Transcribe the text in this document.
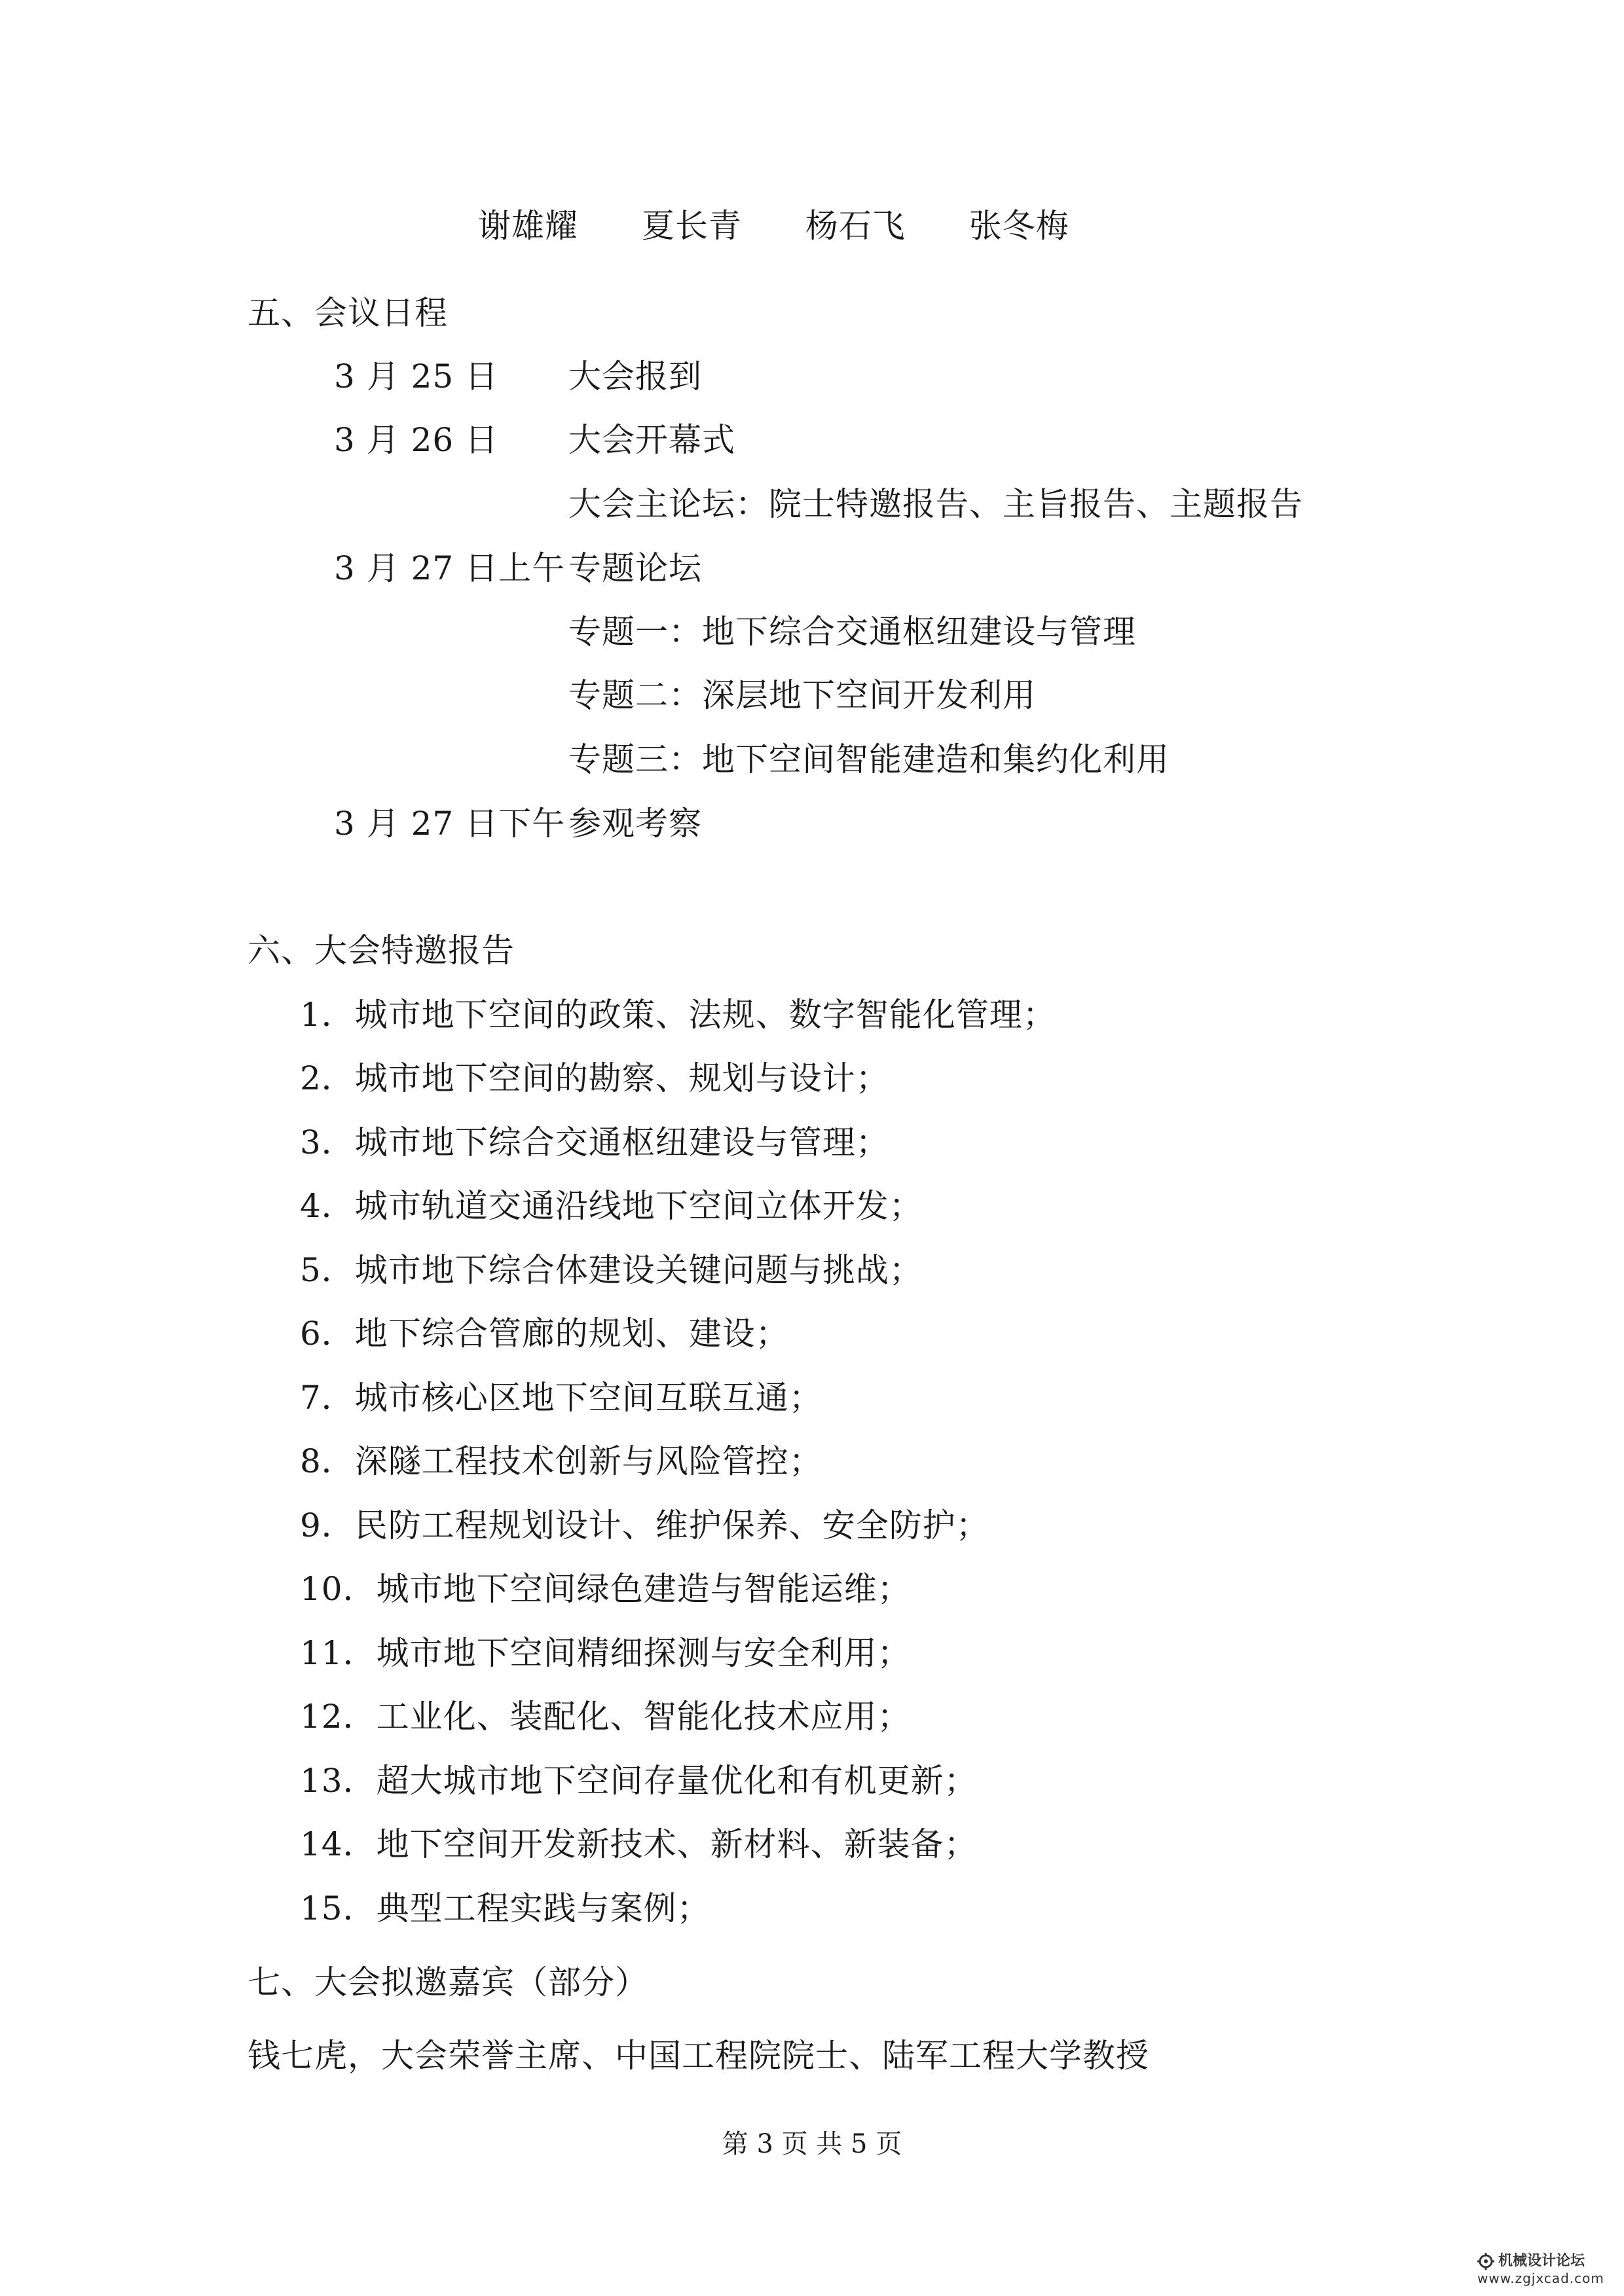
谢雄耀 夏长青 杨石飞 张冬梅
五、会议日程
3 月 25 日 大会报到
3 月 26 日 大会开幕式
大会主论坛：院士特邀报告、主旨报告、主题报告
3 月 27 日上午 专题论坛
专题一：地下综合交通枢纽建设与管理
专题二：深层地下空间开发利用
专题三：地下空间智能建造和集约化利用
3 月 27 日下午 参观考察
六、大会特邀报告
1．城市地下空间的政策、法规、数字智能化管理；
2．城市地下空间的勘察、规划与设计；
3．城市地下综合交通枢纽建设与管理；
4．城市轨道交通沿线地下空间立体开发；
5．城市地下综合体建设关键问题与挑战；
6．地下综合管廊的规划、建设；
7．城市核心区地下空间互联互通；
8．深隧工程技术创新与风险管控；
9．民防工程规划设计、维护保养、安全防护；
10．城市地下空间绿色建造与智能运维；
11．城市地下空间精细探测与安全利用；
12．工业化、装配化、智能化技术应用；
13．超大城市地下空间存量优化和有机更新；
14．地下空间开发新技术、新材料、新装备；
15．典型工程实践与案例；
七、大会拟邀嘉宾（部分）
钱七虎，大会荣誉主席、中国工程院院士、陆军工程大学教授
第 3 页 共 5 页
机械设计论坛
www.zgjxcad.com
